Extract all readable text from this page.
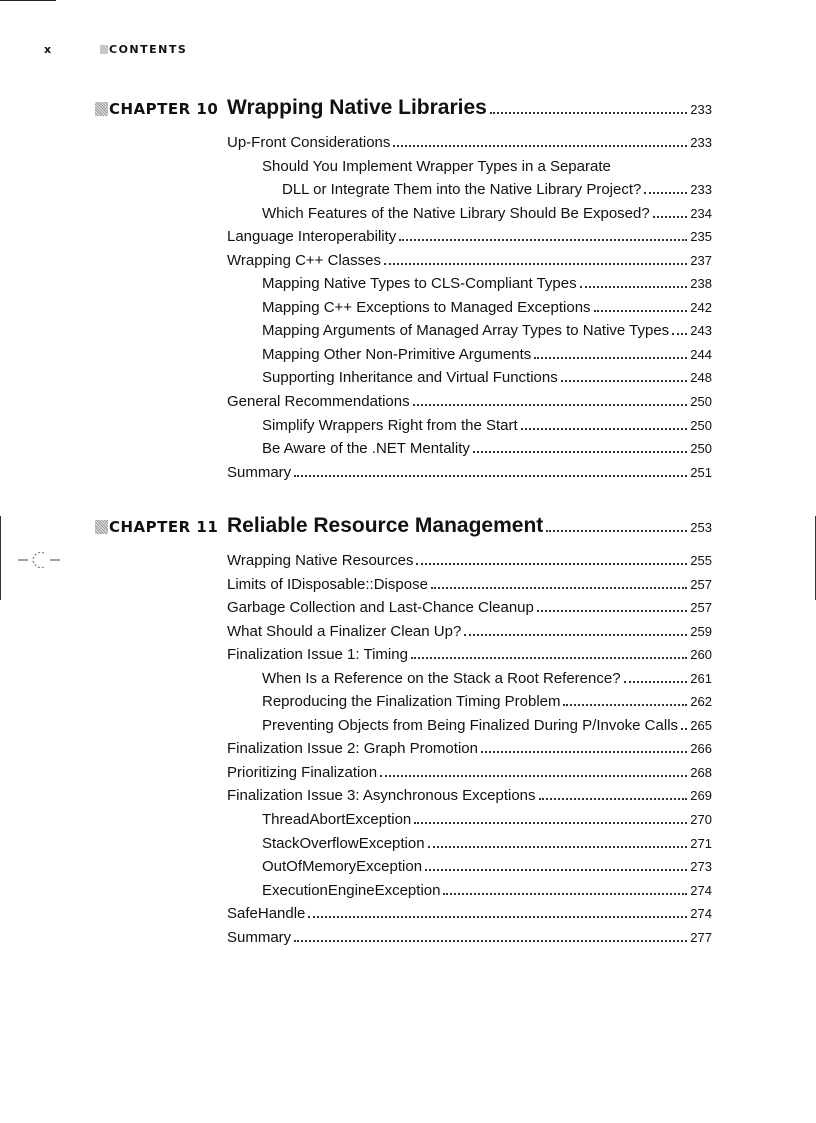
x	CONTENTS
CHAPTER 10 Wrapping Native Libraries	233
Up-Front Considerations	233
Should You Implement Wrapper Types in a Separate
DLL or Integrate Them into the Native Library Project?	233
Which Features of the Native Library Should Be Exposed?	234
Language Interoperability	235
Wrapping C++ Classes	237
Mapping Native Types to CLS-Compliant Types	238
Mapping C++ Exceptions to Managed Exceptions	242
Mapping Arguments of Managed Array Types to Native Types 243
Mapping Other Non-Primitive Arguments	244
Supporting Inheritance and Virtual Functions	248
General Recommendations	250
Simplify Wrappers Right from the Start	250
Be Aware of the .NET Mentality	250
Summary	251
CHAPTER 11 Reliable Resource Management	253
Wrapping Native Resources	255
Limits of IDisposable::Dispose	257
Garbage Collection and Last-Chance Cleanup	257
What Should a Finalizer Clean Up?	259
Finalization Issue 1: Timing	260
When Is a Reference on the Stack a Root Reference?	261
Reproducing the Finalization Timing Problem	262
Preventing Objects from Being Finalized During P/Invoke Calls 265
Finalization Issue 2: Graph Promotion	266
Prioritizing Finalization	268
Finalization Issue 3: Asynchronous Exceptions	269
ThreadAbortException	270
StackOverflowException	271
OutOfMemoryException	273
ExecutionEngineException	274
SafeHandle	274
Summary	277
